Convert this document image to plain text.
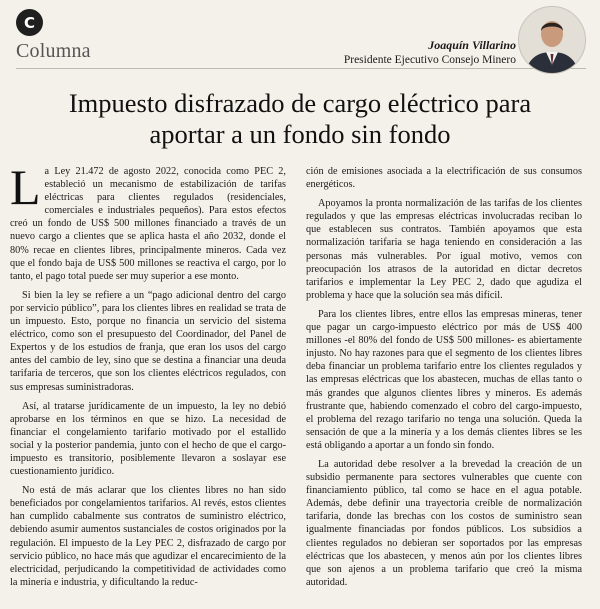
C
Columna	Joaquín Villarino
Presidente Ejecutivo Consejo Minero
Impuesto disfrazado de cargo eléctrico para
aportar a un fondo sin fondo

La Ley 21.472 de agosto 2022, conocida como PEC 2, estableció un mecanismo de estabilización de tarifas eléctricas para clientes regulados (residenciales, comerciales e industriales pequeños). Para estos efectos creó un fondo de US$ 500 millones financiado a través de un nuevo cargo a clientes que se aplica hasta el año 2032, donde el 80% recae en clientes libres, principalmente mineros. Cada vez que el fondo baja de US$ 500 millones se reactiva el cargo, por lo tanto, el pago total puede ser muy superior a ese monto.

Si bien la ley se refiere a un “pago adicional dentro del cargo por servicio público”, para los clientes libres en realidad se trata de un impuesto. Esto, porque no financia un servicio del sistema eléctrico, como son el presupuesto del Coordinador, del Panel de Expertos y de los estudios de franja, que eran los usos del cargo antes del cambio de ley, sino que se destina a financiar una deuda tarifaria de terceros, que son los clientes eléctricos regulados, con sus empresas suministradoras.

Así, al tratarse jurídicamente de un impuesto, la ley no debió aprobarse en los términos en que se hizo. La necesidad de financiar el congelamiento tarifario motivado por el estallido social y la posterior pandemia, junto con el hecho de que el cargo-impuesto es transitorio, posiblemente llevaron a soslayar ese cuestionamiento jurídico.

No está de más aclarar que los clientes libres no han sido beneficiados por congelamientos tarifarios. Al revés, estos clientes han cumplido cabalmente sus contratos de suministro eléctrico, debiendo asumir aumentos sustanciales de costos originados por la regulación. El impuesto de la Ley PEC 2, disfrazado de cargo por servicio público, no hace más que agudizar el encarecimiento de la electricidad, perjudicando la competitividad de actividades como la minería e industria, y dificultando la reduc-

ción de emisiones asociada a la electrificación de sus consumos energéticos.

Apoyamos la pronta normalización de las tarifas de los clientes regulados y que las empresas eléctricas involucradas reciban lo que establecen sus contratos. También apoyamos que esta normalización tarifaria se haga teniendo en consideración a las personas más vulnerables. Por igual motivo, vemos con preocupación los atrasos de la autoridad en dictar decretos tarifarios e implementar la Ley PEC 2, dado que agudiza el problema y hace que la solución sea más difícil.

Para los clientes libres, entre ellos las empresas mineras, tener que pagar un cargo-impuesto eléctrico por más de US$ 400 millones -el 80% del fondo de US$ 500 millones- es abiertamente injusto. No hay razones para que el segmento de los clientes libres deba financiar un problema tarifario entre los clientes regulados y las empresas eléctricas que los abastecen, muchas de ellas tanto o más grandes que algunos clientes libres y mineros. Es además frustrante que, habiendo comenzado el cobro del cargo-impuesto, el problema del rezago tarifario no tenga una solución. Queda la sensación de que a la minería y a los demás clientes libres se les está obligando a aportar a un fondo sin fondo.

La autoridad debe resolver a la brevedad la creación de un subsidio permanente para sectores vulnerables que cuente con financiamiento público, tal como se hace en el agua potable. Además, debe definir una trayectoria creíble de normalización tarifaria, donde las brechas con los costos de suministro sean igualmente financiadas por fondos públicos. Los subsidios a clientes regulados no debieran ser soportados por las empresas eléctricas que los abastecen, y menos aún por los clientes libres que son ajenos a un problema tarifario que creó la misma autoridad.
